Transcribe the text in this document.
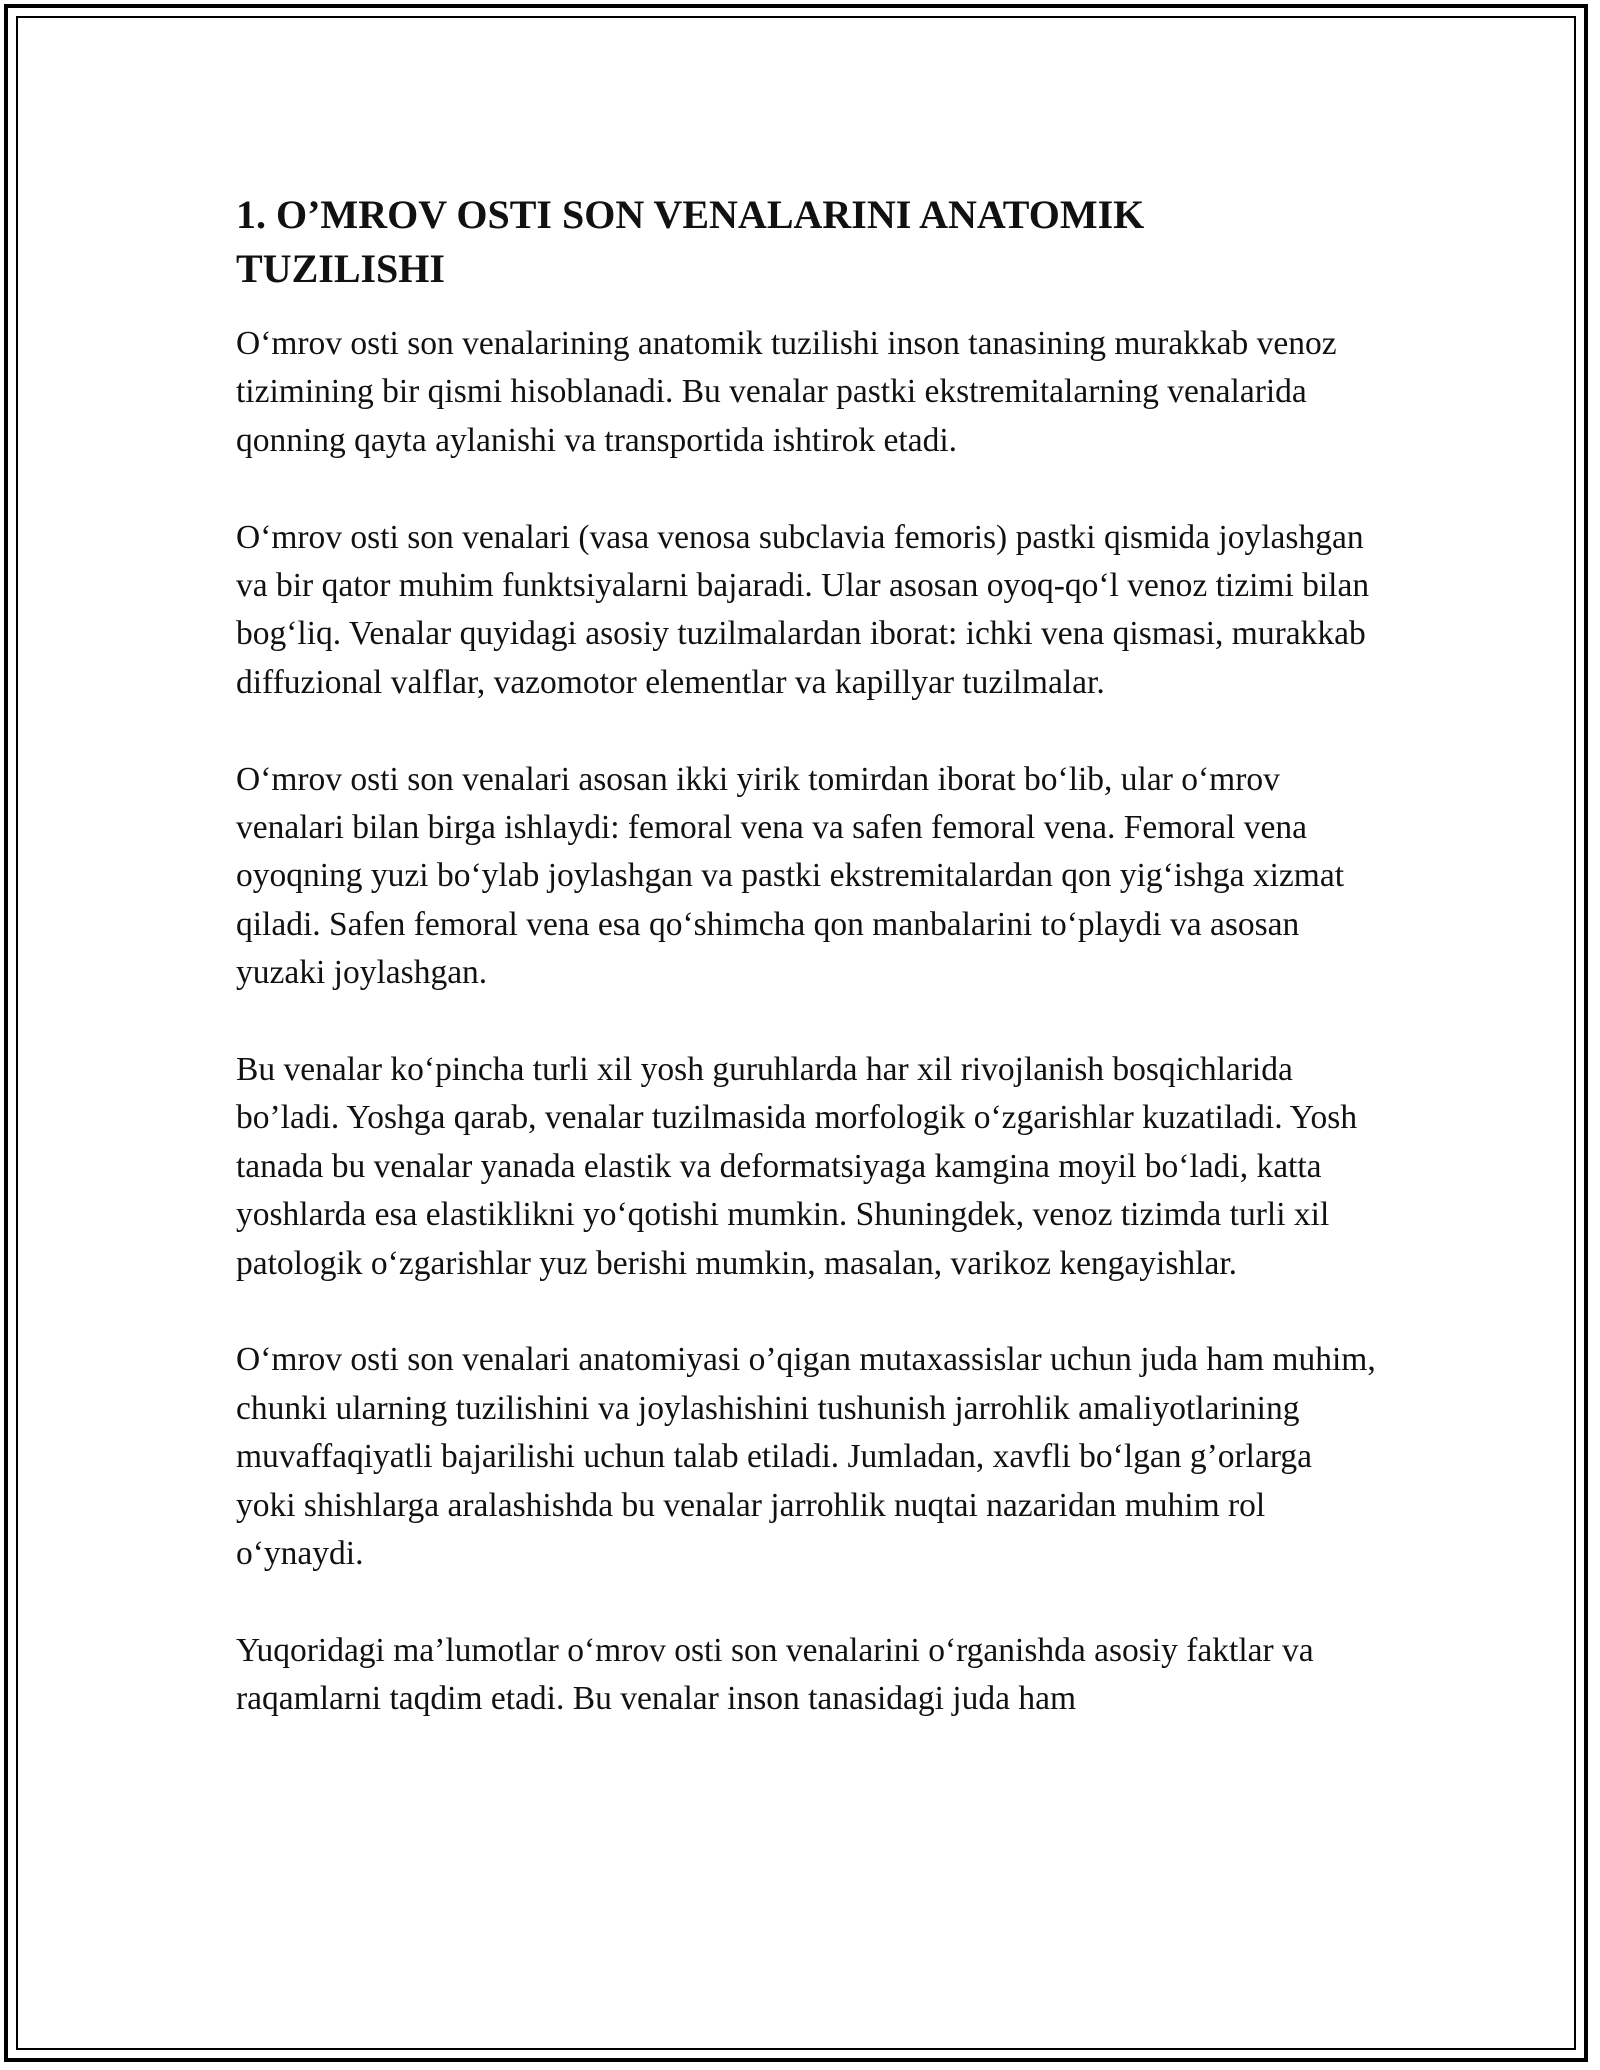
1. O’MROV OSTI SON VENALARINI ANATOMIK
TUZILISHI

O‘mrov osti son venalarining anatomik tuzilishi inson tanasining murakkab venoz tizimining bir qismi hisoblanadi. Bu venalar pastki ekstremitalarning venalarida qonning qayta aylanishi va transportida ishtirok etadi.

O‘mrov osti son venalari (vasa venosa subclavia femoris) pastki qismida joylashgan va bir qator muhim funktsiyalarni bajaradi. Ular asosan oyoq-qo‘l venoz tizimi bilan bog‘liq. Venalar quyidagi asosiy tuzilmalardan iborat: ichki vena qismasi, murakkab diffuzional valflar, vazomotor elementlar va kapillyar tuzilmalar.

O‘mrov osti son venalari asosan ikki yirik tomirdan iborat bo‘lib, ular o‘mrov venalari bilan birga ishlaydi: femoral vena va safen femoral vena. Femoral vena oyoqning yuzi bo‘ylab joylashgan va pastki ekstremitalardan qon yig‘ishga xizmat qiladi. Safen femoral vena esa qo‘shimcha qon manbalarini to‘playdi va asosan yuzaki joylashgan.

Bu venalar ko‘pincha turli xil yosh guruhlarda har xil rivojlanish bosqichlarida bo’ladi. Yoshga qarab, venalar tuzilmasida morfologik o‘zgarishlar kuzatiladi. Yosh tanada bu venalar yanada elastik va deformatsiyaga kamgina moyil bo‘ladi, katta yoshlarda esa elastiklikni yo‘qotishi mumkin. Shuningdek, venoz tizimda turli xil patologik o‘zgarishlar yuz berishi mumkin, masalan, varikoz kengayishlar.

O‘mrov osti son venalari anatomiyasi o’qigan mutaxassislar uchun juda ham muhim, chunki ularning tuzilishini va joylashishini tushunish jarrohlik amaliyotlarining muvaffaqiyatli bajarilishi uchun talab etiladi. Jumladan, xavfli bo‘lgan g’orlarga yoki shishlarga aralashishda bu venalar jarrohlik nuqtai nazaridan muhim rol o‘ynaydi.

Yuqoridagi ma’lumotlar o‘mrov osti son venalarini o‘rganishda asosiy faktlar va raqamlarni taqdim etadi. Bu venalar inson tanasidagi juda ham
